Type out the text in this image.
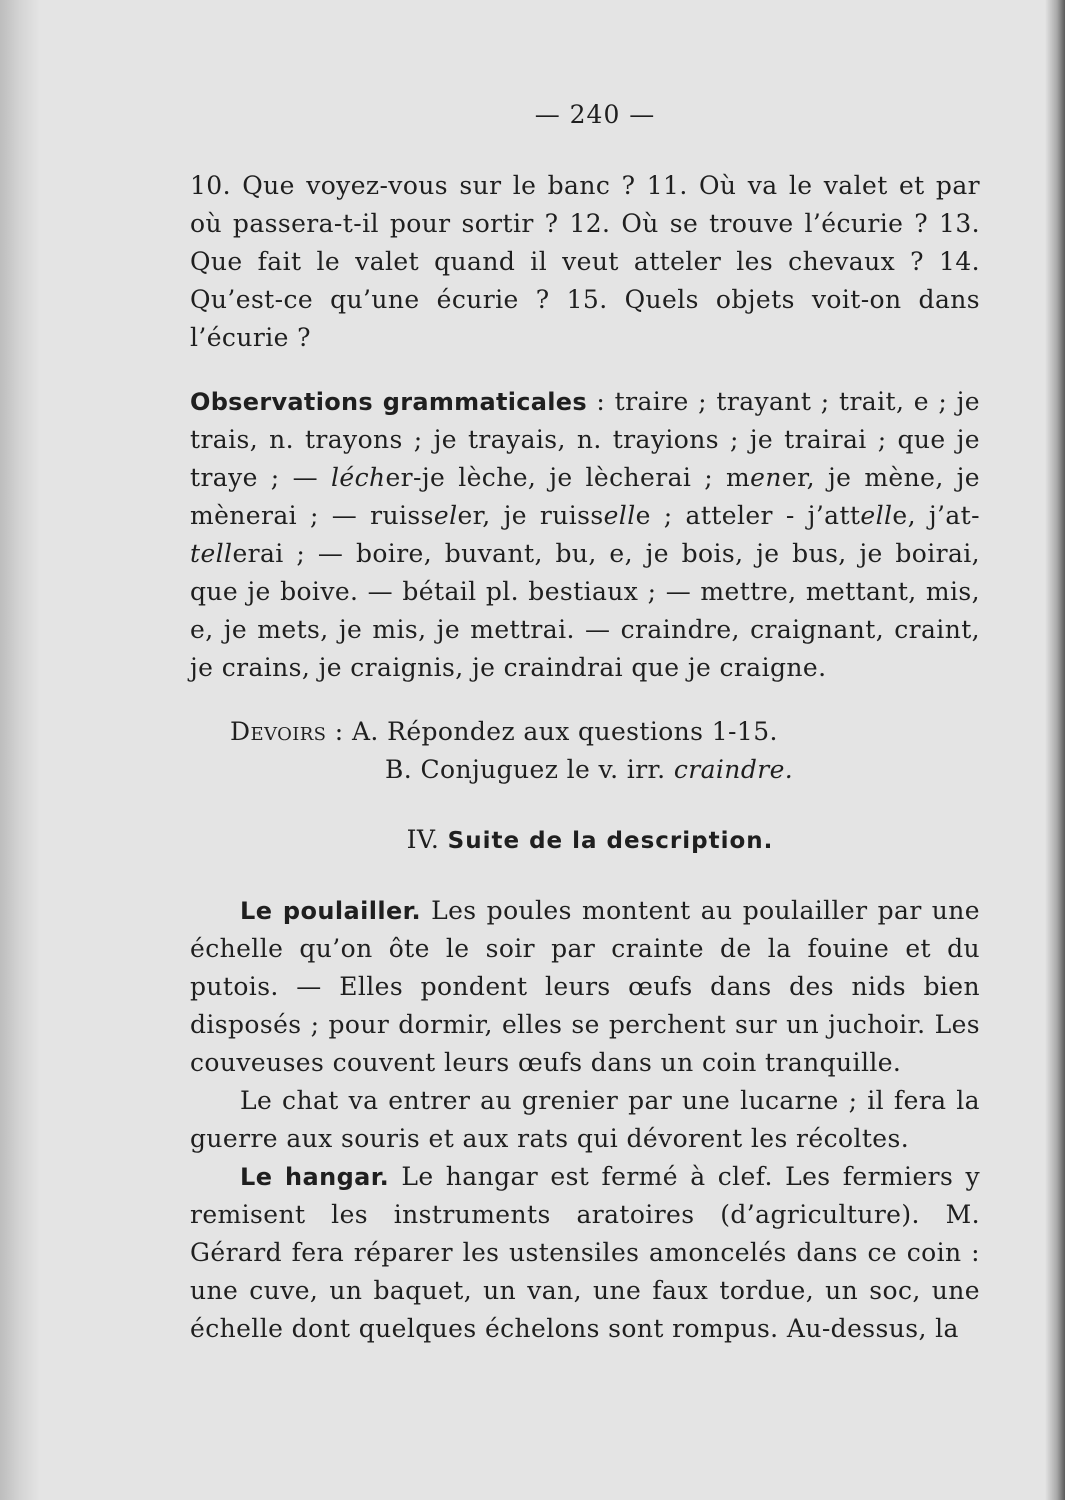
— 240 —

10. Que voyez-vous sur le banc ? 11. Où va le valet et par où passera-t-il pour sortir ? 12. Où se trouve l’écurie ? 13. Que fait le valet quand il veut atteler les chevaux ? 14. Qu’est-ce qu’une écurie ? 15. Quels objets voit-on dans l’écurie ?

Observations grammaticales : traire ; trayant ; trait, e ; je trais, n. trayons ; je trayais, n. trayions ; je trairai ; que je traye ; — lécher-je lèche, je lècherai ; mener, je mène, je mènerai ; — ruisseler, je ruisselle ; atteler - j’attelle, j’at-tellerai ; — boire, buvant, bu, e, je bois, je bus, je boirai, que je boive. — bétail pl. bestiaux ; — mettre, mettant, mis, e, je mets, je mis, je mettrai. — craindre, craignant, craint, je crains, je craignis, je craindrai que je craigne.

Devoirs : A. Répondez aux questions 1-15.

B. Conjuguez le v. irr. craindre.

IV. Suite de la description.

Le poulailler. Les poules montent au poulailler par une échelle qu’on ôte le soir par crainte de la fouine et du putois. — Elles pondent leurs œufs dans des nids bien disposés ; pour dormir, elles se perchent sur un juchoir. Les couveuses couvent leurs œufs dans un coin tranquille.

Le chat va entrer au grenier par une lucarne ; il fera la guerre aux souris et aux rats qui dévorent les récoltes.

Le hangar. Le hangar est fermé à clef. Les fermiers y remisent les instruments aratoires (d’agriculture). M. Gérard fera réparer les ustensiles amoncelés dans ce coin : une cuve, un baquet, un van, une faux tordue, un soc, une échelle dont quelques échelons sont rompus. Au-dessus, la
